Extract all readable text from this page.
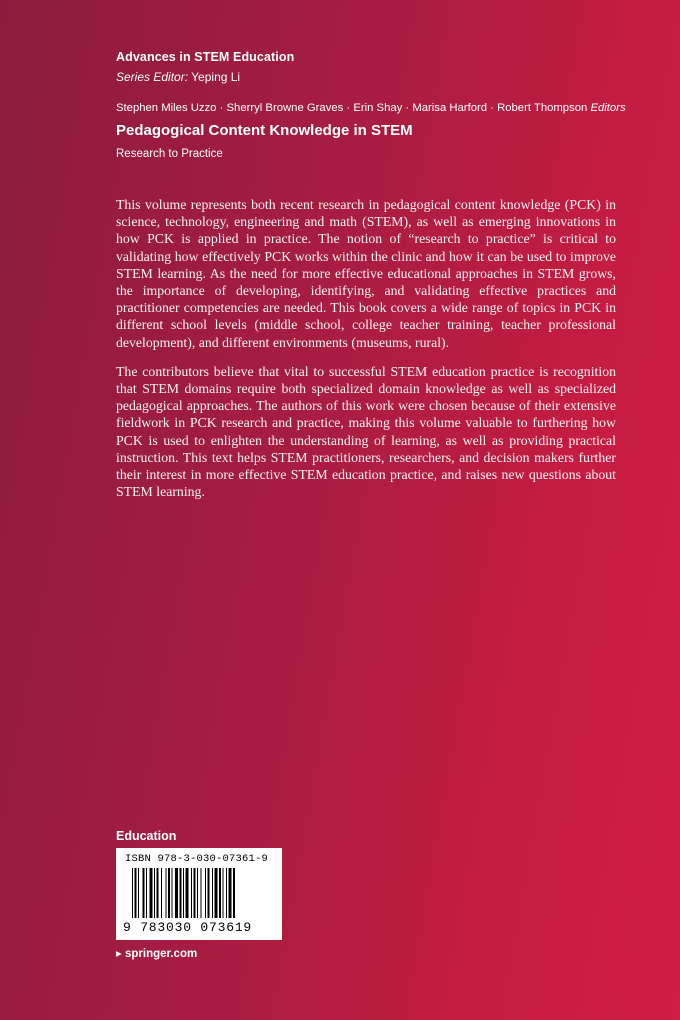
Advances in STEM Education
Series Editor: Yeping Li
Stephen Miles Uzzo · Sherryl Browne Graves · Erin Shay · Marisa Harford · Robert Thompson Editors
Pedagogical Content Knowledge in STEM
Research to Practice

This volume represents both recent research in pedagogical content knowledge (PCK) in science, technology, engineering and math (STEM), as well as emerging innovations in how PCK is applied in practice. The notion of “research to practice” is critical to validating how effectively PCK works within the clinic and how it can be used to improve STEM learning. As the need for more effective educational approaches in STEM grows, the importance of developing, identifying, and validating effective practices and practitioner competencies are needed. This book covers a wide range of topics in PCK in different school levels (middle school, college teacher training, teacher professional development), and different environments (museums, rural).

The contributors believe that vital to successful STEM education practice is recognition that STEM domains require both specialized domain knowledge as well as specialized pedagogical approaches. The authors of this work were chosen because of their extensive fieldwork in PCK research and practice, making this volume valuable to furthering how PCK is used to enlighten the understanding of learning, as well as providing practical instruction. This text helps STEM practitioners, researchers, and decision makers further their interest in more effective STEM education practice, and raises new questions about STEM learning.

Education
ISBN 978-3-030-07361-9
9 783030 073619
▸ springer.com
